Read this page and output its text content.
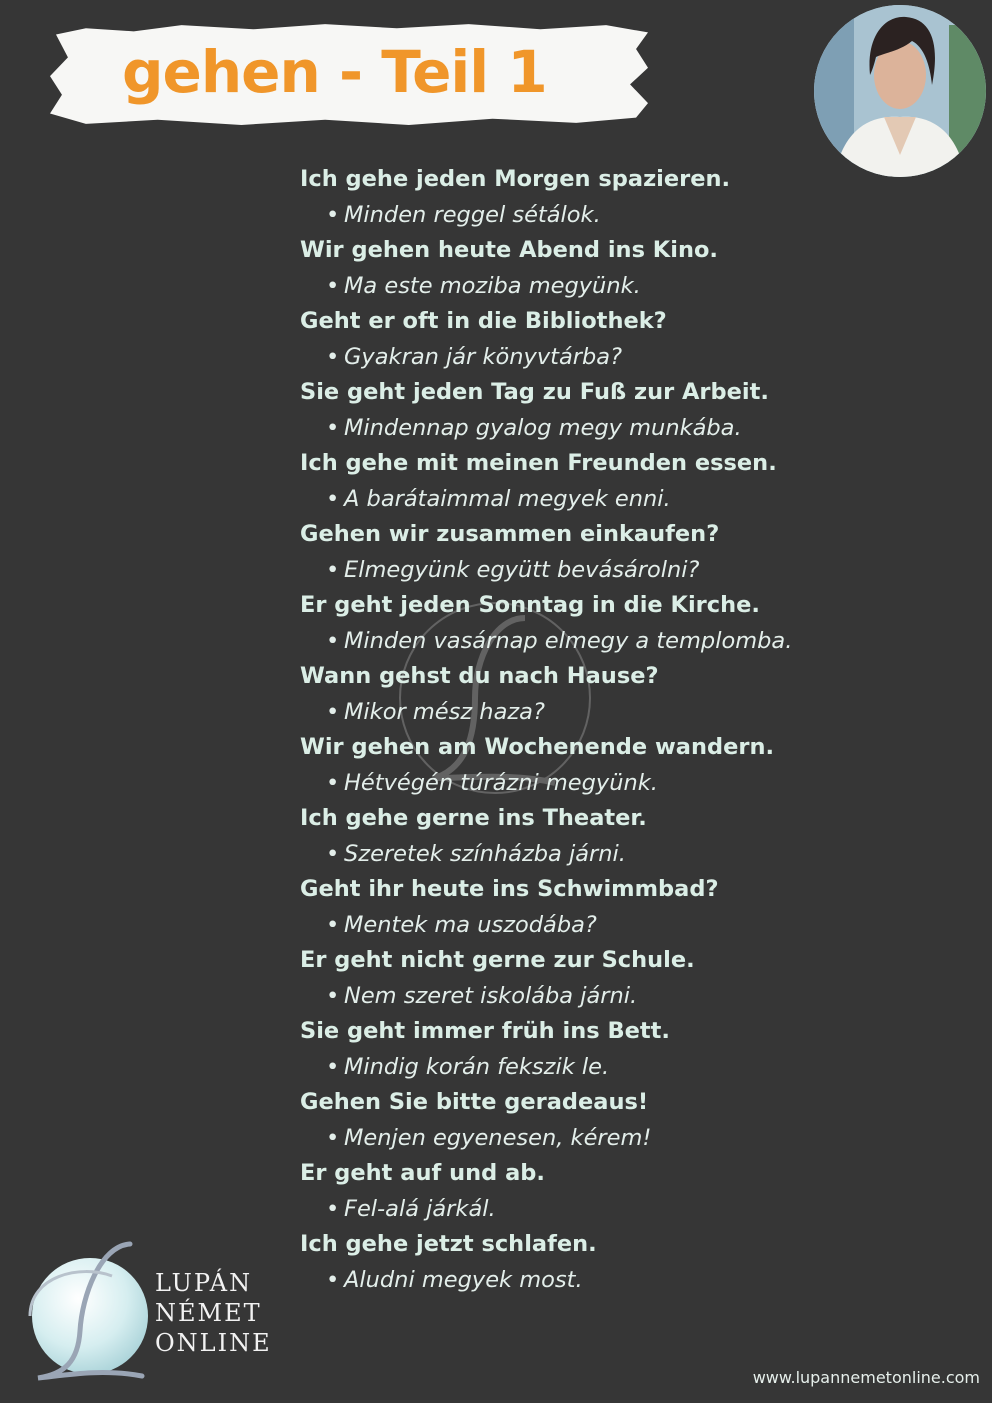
gehen - Teil 1
Ich gehe jeden Morgen spazieren.
• Minden reggel sétálok.
Wir gehen heute Abend ins Kino.
• Ma este moziba megyünk.
Geht er oft in die Bibliothek?
• Gyakran jár könyvtárba?
Sie geht jeden Tag zu Fuß zur Arbeit.
• Mindennap gyalog megy munkába.
Ich gehe mit meinen Freunden essen.
• A barátaimmal megyek enni.
Gehen wir zusammen einkaufen?
• Elmegyünk együtt bevásárolni?
Er geht jeden Sonntag in die Kirche.
• Minden vasárnap elmegy a templomba.
Wann gehst du nach Hause?
• Mikor mész haza?
Wir gehen am Wochenende wandern.
• Hétvégén túrázni megyünk.
Ich gehe gerne ins Theater.
• Szeretek színházba járni.
Geht ihr heute ins Schwimmbad?
• Mentek ma uszodába?
Er geht nicht gerne zur Schule.
• Nem szeret iskolába járni.
Sie geht immer früh ins Bett.
• Mindig korán fekszik le.
Gehen Sie bitte geradeaus!
• Menjen egyenesen, kérem!
Er geht auf und ab.
• Fel-alá járkál.
Ich gehe jetzt schlafen.
• Aludni megyek most.
LUPÁN
NÉMET
ONLINE
www.lupannemetonline.com
